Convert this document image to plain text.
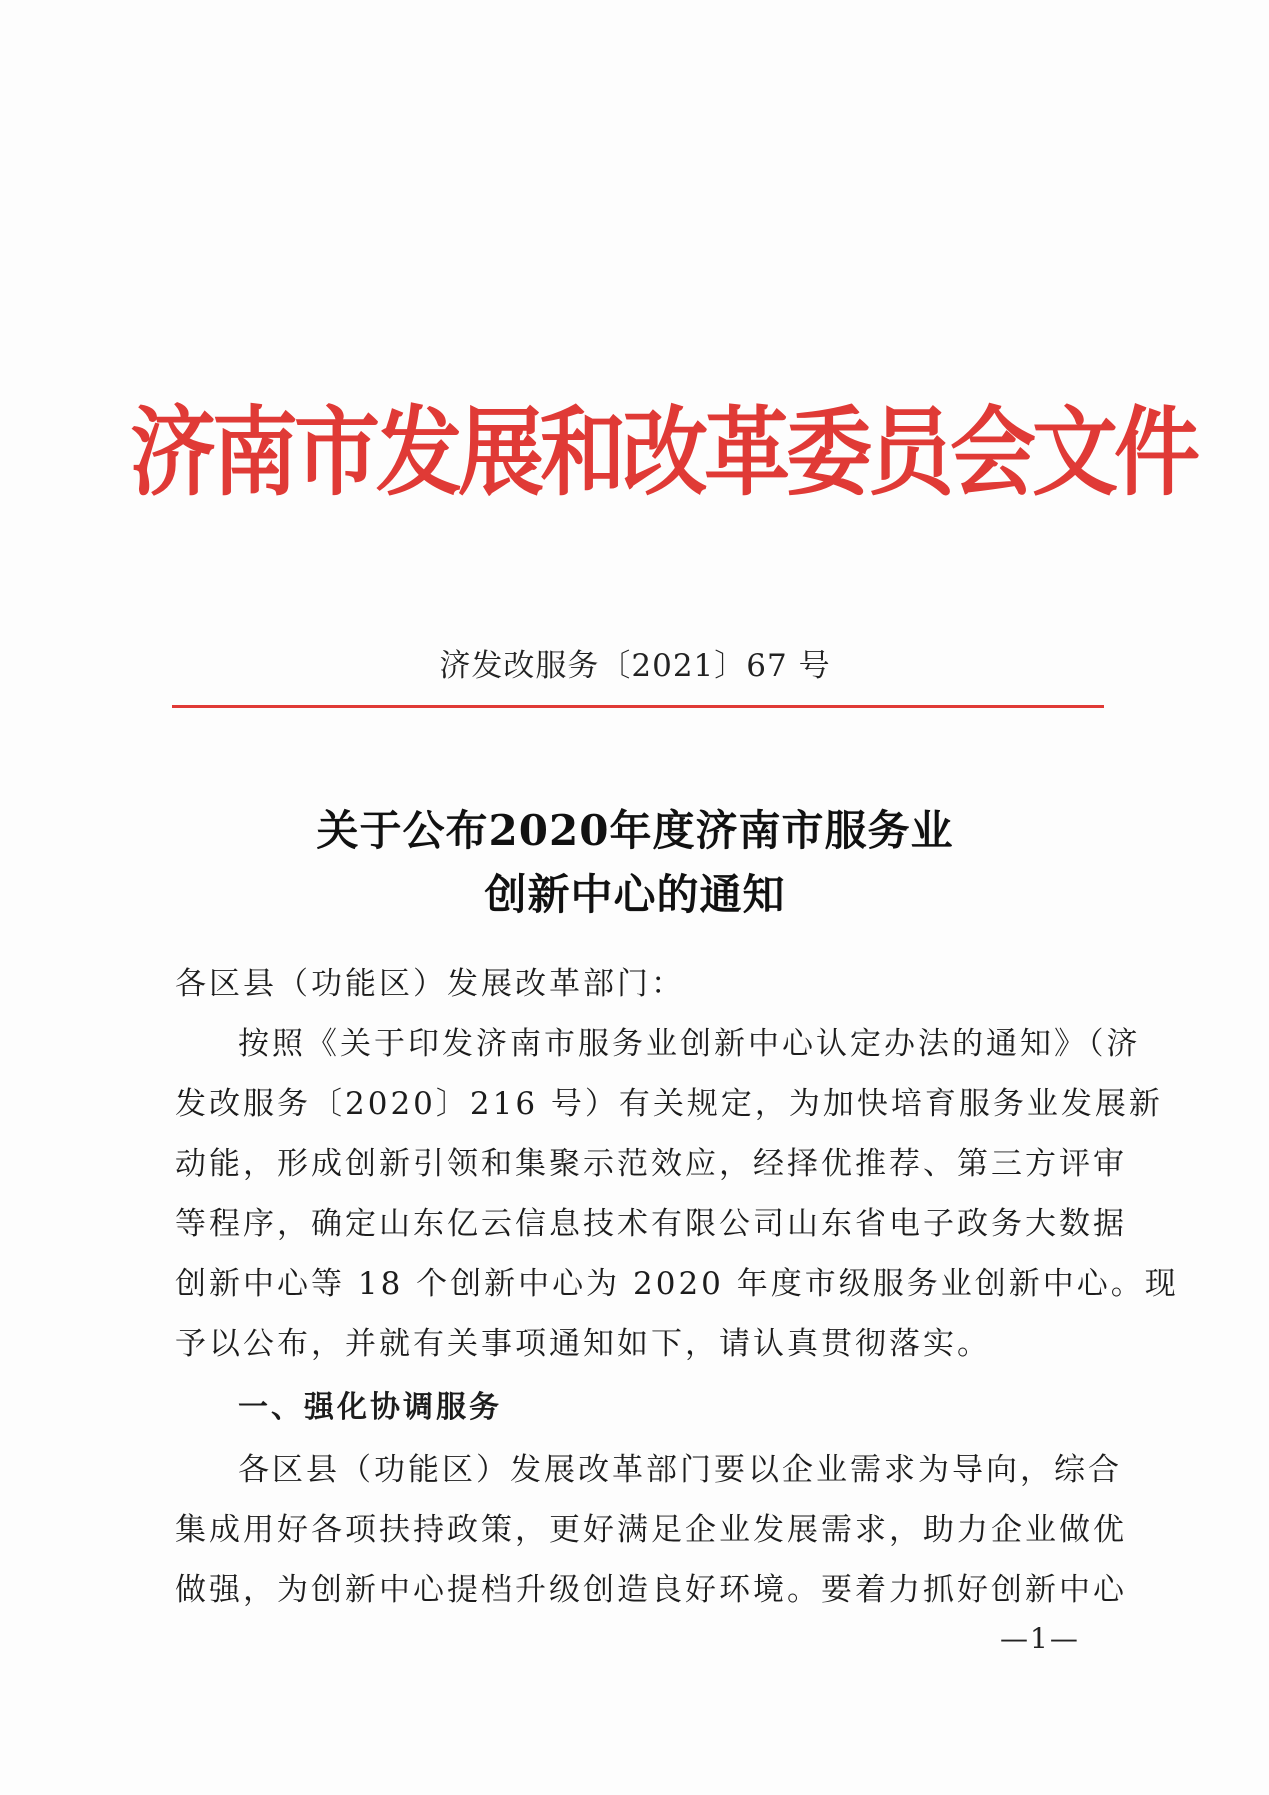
济南市发展和改革委员会文件
济发改服务〔2021〕67 号
关于公布2020年度济南市服务业
创新中心的通知
各区县（功能区）发展改革部门：
按照《关于印发济南市服务业创新中心认定办法的通知》（济
发改服务〔2020〕216 号）有关规定，为加快培育服务业发展新
动能，形成创新引领和集聚示范效应，经择优推荐、第三方评审
等程序，确定山东亿云信息技术有限公司山东省电子政务大数据
创新中心等 18 个创新中心为 2020 年度市级服务业创新中心。现
予以公布，并就有关事项通知如下，请认真贯彻落实。
一、强化协调服务
各区县（功能区）发展改革部门要以企业需求为导向，综合
集成用好各项扶持政策，更好满足企业发展需求，助力企业做优
做强，为创新中心提档升级创造良好环境。要着力抓好创新中心
—1—
